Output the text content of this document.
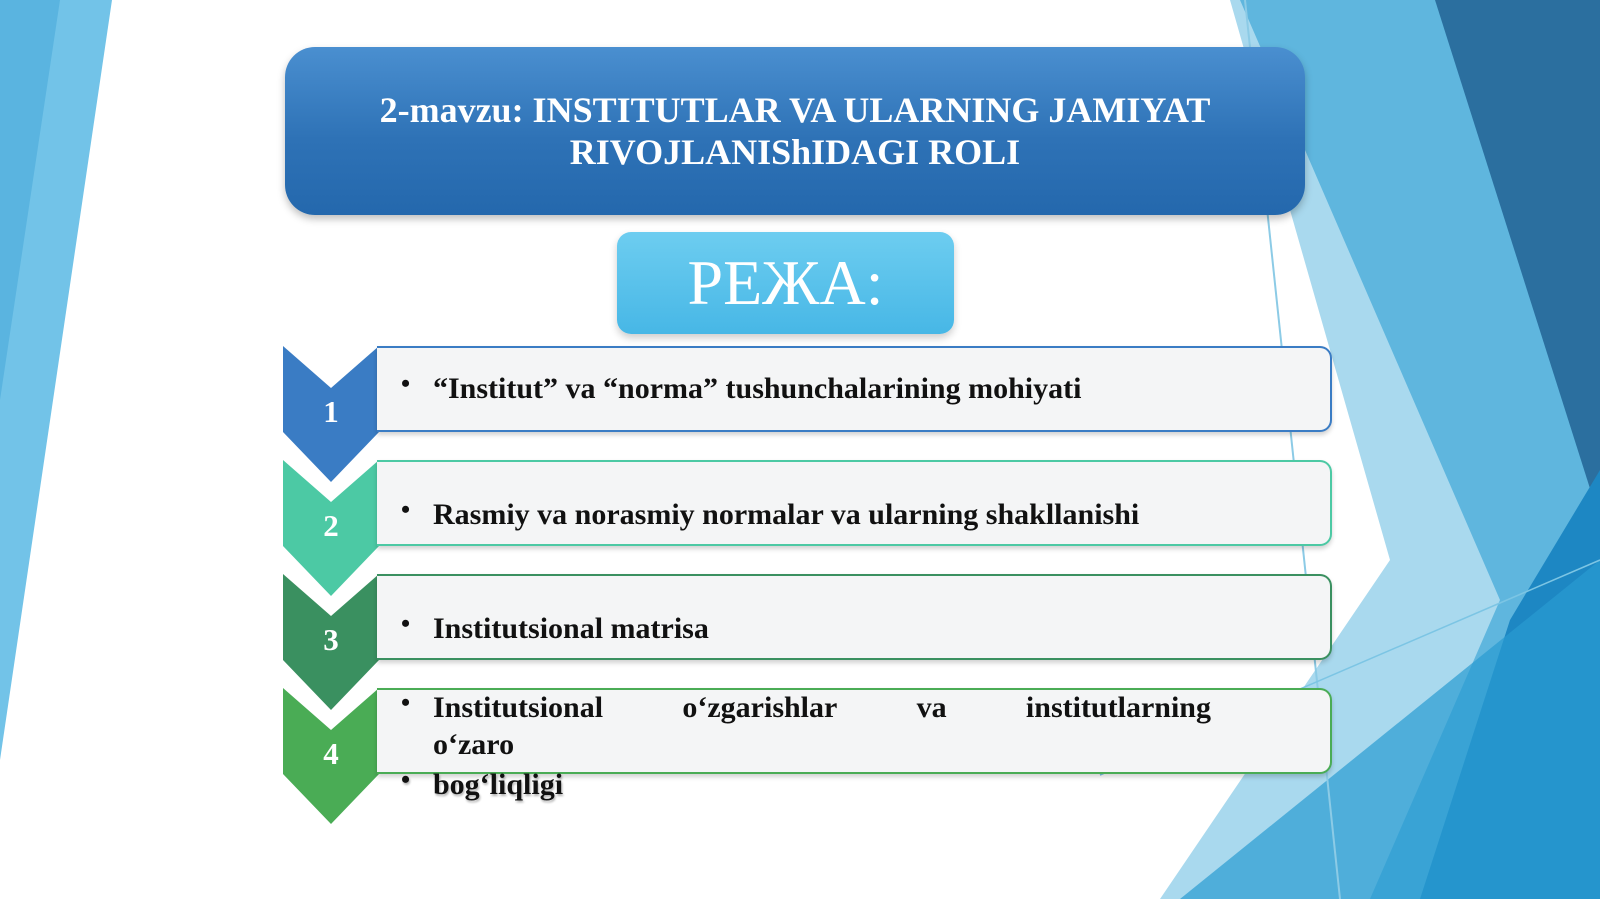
2-mavzu: INSTITUTLAR VA ULARNING JAMIYAT
RIVOJLANIShIDAGI ROLI
РЕЖА:
1
• “Institut” va “norma” tushunchalarining mohiyati
2	• Rasmiy va norasmiy normalar va ularning shakllanishi
3	• Institutsional matrisa
4
• Institutsional	o‘zgarishlar	va	institutlarning
o‘zaro
• bog‘liqligi
